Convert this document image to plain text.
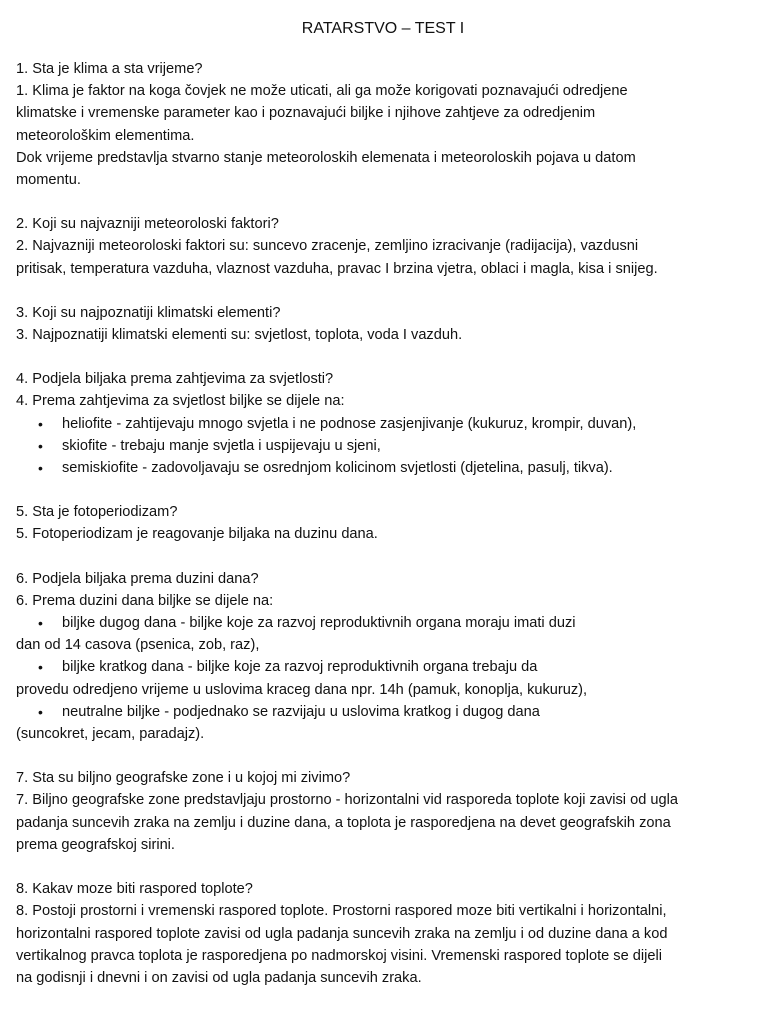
RATARSTVO – TEST I

1. Sta je klima a sta vrijeme?

1. Klima je faktor na koga čovjek ne može uticati, ali ga može korigovati poznavajući odredjene

klimatske i vremenske parameter kao i poznavajući biljke i njihove zahtjeve za odredjenim

meteorološkim elementima.

Dok vrijeme predstavlja stvarno stanje meteoroloskih elemenata i meteoroloskih pojava u datom

momentu.

2. Koji su najvazniji meteoroloski faktori?

2. Najvazniji meteoroloski faktori su: suncevo zracenje, zemljino izracivanje (radijacija), vazdusni

pritisak, temperatura vazduha, vlaznost vazduha, pravac I brzina vjetra, oblaci i magla, kisa i snijeg.

3. Koji su najpoznatiji klimatski elementi?

3. Najpoznatiji klimatski elementi su: svjetlost, toplota, voda I vazduh.

4. Podjela biljaka prema zahtjevima za svjetlosti?

4. Prema zahtjevima za svjetlost biljke se dijele na:

• heliofite - zahtijevaju mnogo svjetla i ne podnose zasjenjivanje (kukuruz, krompir, duvan),
• skiofite - trebaju manje svjetla i uspijevaju u sjeni,
• semiskiofite - zadovoljavaju se osrednjom kolicinom svjetlosti (djetelina, pasulj, tikva).

5. Sta je fotoperiodizam?

5. Fotoperiodizam je reagovanje biljaka na duzinu dana.

6. Podjela biljaka prema duzini dana?

6. Prema duzini dana biljke se dijele na:

• biljke dugog dana - biljke koje za razvoj reproduktivnih organa moraju imati duzi

dan od 14 casova (psenica, zob, raz),

• biljke kratkog dana - biljke koje za razvoj reproduktivnih organa trebaju da

provedu odredjeno vrijeme u uslovima kraceg dana npr. 14h (pamuk, konoplja, kukuruz),

• neutralne biljke - podjednako se razvijaju u uslovima kratkog i dugog dana

(suncokret, jecam, paradajz).

7. Sta su biljno geografske zone i u kojoj mi zivimo?

7. Biljno geografske zone predstavljaju prostorno - horizontalni vid rasporeda toplote koji zavisi od ugla

padanja suncevih zraka na zemlju i duzine dana, a toplota je rasporedjena na devet geografskih zona

prema geografskoj sirini.

8. Kakav moze biti raspored toplote?

8. Postoji prostorni i vremenski raspored toplote. Prostorni raspored moze biti vertikalni i horizontalni,

horizontalni raspored toplote zavisi od ugla padanja suncevih zraka na zemlju i od duzine dana a kod

vertikalnog pravca toplota je rasporedjena po nadmorskoj visini. Vremenski raspored toplote se dijeli

na godisnji i dnevni i on zavisi od ugla padanja suncevih zraka.
